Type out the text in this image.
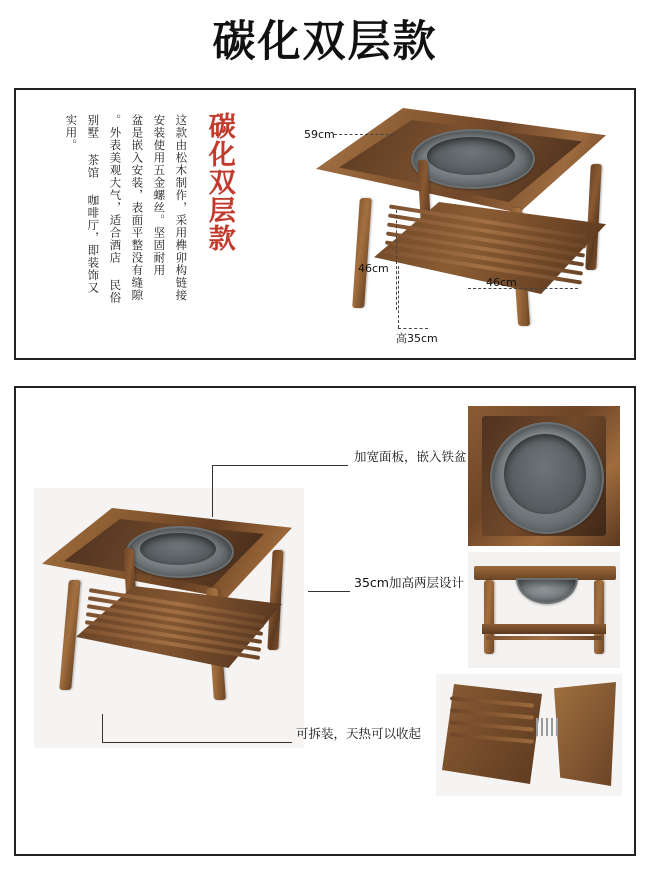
碳化双层款
这款由松木制作，采用榫卯构链接
安装使用五金螺丝。坚固耐用
盆是嵌入安装，表面平整没有缝隙
。外表美观大气，适合酒店 民俗
别墅 茶馆 咖啡厅，即装饰又
实用。	碳化双层款	59cm
46cm
46cm
高35cm
加宽面板，嵌入铁盆
35cm加高两层设计
可拆装，天热可以收起
